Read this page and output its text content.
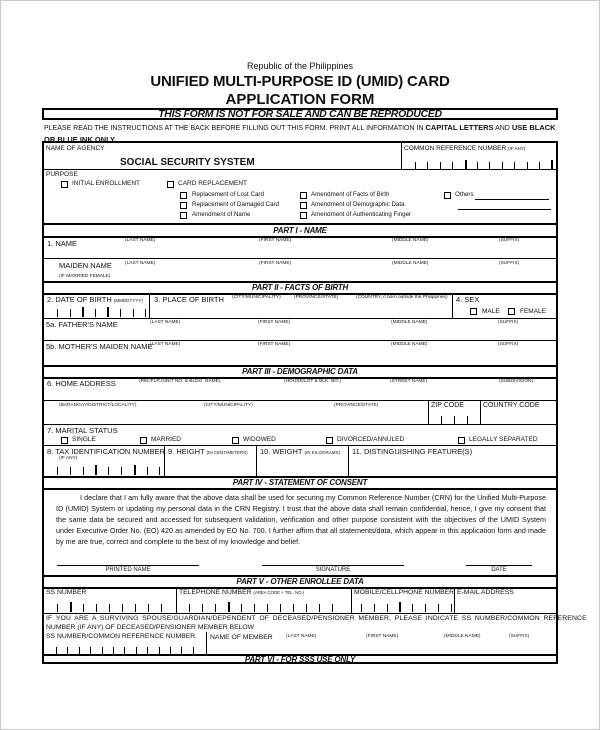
Republic of the Philippines
UNIFIED MULTI-PURPOSE ID (UMID) CARD
APPLICATION FORM
THIS FORM IS NOT FOR SALE AND CAN BE REPRODUCED
PLEASE READ THE INSTRUCTIONS AT THE BACK BEFORE FILLING OUT THIS FORM. PRINT ALL INFORMATION IN CAPITAL LETTERS AND USE BLACK OR BLUE INK ONLY.
NAME OF AGENCY
SOCIAL SECURITY SYSTEM
COMMON REFERENCE NUMBER (IF ANY)
PURPOSE
INITIAL ENROLLMENT	CARD REPLACEMENT
Replacement of Lost Card
Replacement of Damaged Card
Amendment of Name
Amendment of Facts of Birth
Amendment of Demographic Data
Amendment of Authenticating Finger
Others
PART I - NAME
1. NAME	(LAST NAME)	(FIRST NAME)	(MIDDLE NAME)	(SUFFIX)
MAIDEN NAME	(LAST NAME)	(FIRST NAME)	(MIDDLE NAME)	(SUFFIX)
(IF MARRIED FEMALE)
PART II - FACTS OF BIRTH
2. DATE OF BIRTH (MMDDYYYY) 3. PLACE OF BIRTH (CITY/MUNICIPALITY)	(PROVINCE/STATE)	(COUNTRY, if born outside the Philippines) 4. SEX
MALE	FEMALE
5a. FATHER'S NAME	(LAST NAME)	(FIRST NAME)	(MIDDLE NAME)	(SUFFIX)
5b. MOTHER'S MAIDEN NAME
(LAST NAME)	(FIRST NAME)	(MIDDLE NAME)	(SUFFIX)
PART III - DEMOGRAPHIC DATA
6. HOME ADDRESS	(RM./FLR./UNIT NO. & BLDG. NAME)	(HOUSE/LOT & BLK. NO.)	(STREET NAME)	(SUBDIVISION)
(BARANGAY/DISTRICT/LOCALITY)	(CITY/MUNICIPALITY)	(PROVINCE/STATE)	ZIP CODE	COUNTRY CODE
7. MARITAL STATUS
SINGLE	MARRIED	WIDOWED	DIVORCED/ANNULED	LEGALLY SEPARATED
8. TAX IDENTIFICATION NUMBER
(IF ANY)
9. HEIGHT (IN CENTIMETERS) 10. WEIGHT (IN KILOGRAMS) 11. DISTINGUISHING FEATURE(S)
PART IV - STATEMENT OF CONSENT
I declare that I am fully aware that the above data shall be used for securing my Common Reference Number (CRN) for the Unified Multi-Purpose ID (UMID) System or updating my personal data in the CRN Registry. I trust that the above data shall remain confidential, hence, I give my consent that the same data be secured and accessed for subsequent validation, verification and other purpose consistent with the objectives of the UMID System under Executive Order No. (EO) 420 as amended by EO No. 700. I further affirm that all statements/data, which appear in this application form and made by me are true, correct and complete to the best of my knowledge and belief.
PRINTED NAME	SIGNATURE	DATE
PART V - OTHER ENROLLEE DATA
SS NUMBER	TELEPHONE NUMBER (AREA CODE + TEL. NO.)	MOBILE/CELLPHONE NUMBER E-MAIL ADDRESS
IF YOU ARE A SURVIVING SPOUSE/GUARDIAN/DEPENDENT OF DECEASED/PENSIONER MEMBER, PLEASE INDICATE SS NUMBER/COMMON REFERENCE
NUMBER (IF ANY) OF DECEASED/PENSIONER MEMBER BELOW
SS NUMBER/COMMON REFERENCE NUMBER NAME OF MEMBER	(LAST NAME)	(FIRST NAME)	(MIDDLE NAME)	(SUFFIX)
PART VI - FOR SSS USE ONLY
